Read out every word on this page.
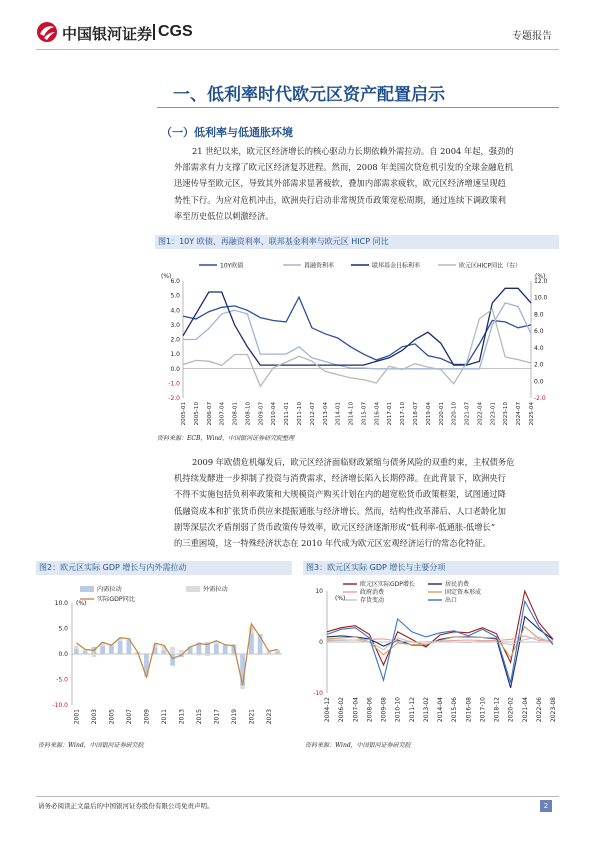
中国银河证券 CGS	专题报告
一、低利率时代欧元区资产配置启示
（一）低利率与低通胀环境
21 世纪以来，欧元区经济增长的核心驱动力长期依赖外需拉动。自 2004 年起，强劲的
外部需求有力支撑了欧元区经济复苏进程。然而，2008 年美国次贷危机引发的全球金融危机
迅速传导至欧元区，导致其外部需求显著疲软，叠加内部需求疲软，欧元区经济增速呈现趋
势性下行。为应对危机冲击，欧洲央行启动非常规货币政策宽松周期，通过连续下调政策利
率至历史低位以刺激经济。
图1：10Y 欧债、再融资利率、联邦基金利率与欧元区 HICP 同比
10Y欧债	再融资利率	联邦基金目标利率	欧元区HICP同比（右）
(%)	(%)
6.0
5.0
4.0
3.0
2.0
1.0
0.0
-1.0
-2.0
12.0
10.0
8.0
6.0
4.0
2.0
0.0
-2.0
2005-01 2005-10 2006-07 2007-04 2008-01 2008-10 2009-07 2010-04 2011-01 2011-10 2012-07 2013-04 2014-01 2014-10 2015-07 2016-04 2017-01 2017-10 2018-07 2019-04 2020-01 2020-10 2021-07 2022-04 2023-01 2023-10 2024-07 2025-04
资料来源：ECB，Wind，中国银河证券研究院整理
2009 年欧债危机爆发后，欧元区经济面临财政紧缩与债务风险的双重约束，主权债务危
机持续发酵进一步抑制了投资与消费需求，经济增长陷入长期停滞。在此背景下，欧洲央行
不得不实施包括负利率政策和大规模资产购买计划在内的超宽松货币政策框架，试图通过降
低融资成本和扩张货币供应来提振通胀与经济增长。然而，结构性改革滞后、人口老龄化加
剧等深层次矛盾削弱了货币政策传导效率，欧元区经济逐渐形成“低利率-低通胀-低增长”
的三重困境，这一特殊经济状态在 2010 年代成为欧元区宏观经济运行的常态化特征。
图2：欧元区实际 GDP 增长与内外需拉动
内需拉动	外需拉动
实际GDP同比
(%)
10.0
5.0
0.0
-5.0
-10.0
2001 2003 2005 2007 2009 2011 2013 2015 2017 2019 2021 2023
资料来源：Wind，中国银河证券研究院
图3：欧元区实际 GDP 增长与主要分项
欧元区实际GDP增长	居民消费
政府消费	固定资本形成
存货变动	出口
(%)
10
0
-10
2004-12 2006-02 2007-04 2008-06 2009-08 2010-10 2011-12 2013-02 2014-04 2015-06 2016-08 2017-10 2018-12 2020-02 2021-04 2022-06 2023-08
资料来源：Wind，中国银河证券研究院
请务必阅读正文最后的中国银河证券股份有限公司免责声明。	2
